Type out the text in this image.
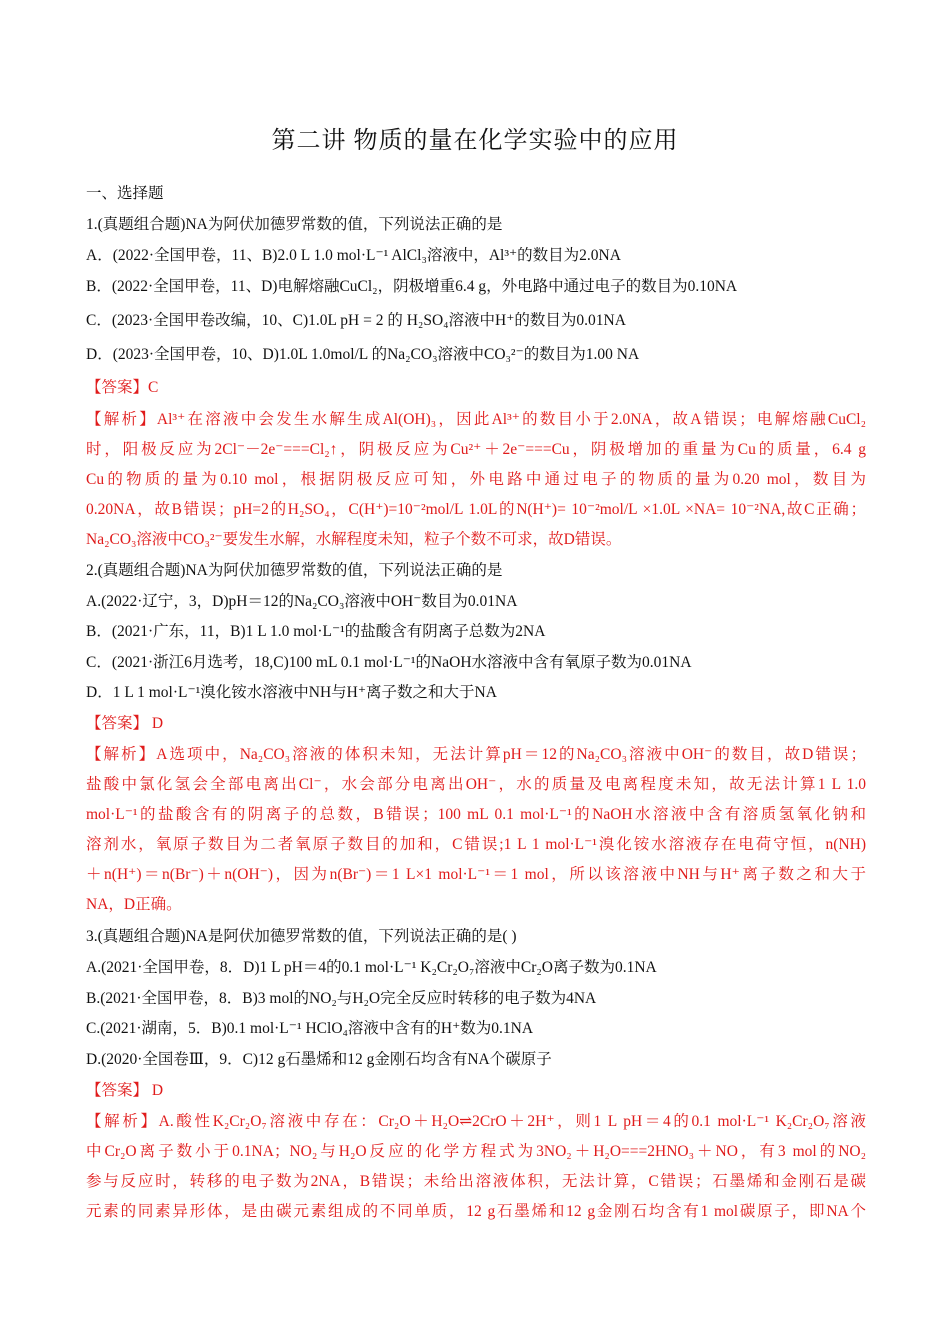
第二讲 物质的量在化学实验中的应用
一、选择题
1.(真题组合题)NA为阿伏加德罗常数的值，下列说法正确的是
A．(2022·全国甲卷，11、B)2.0 L 1.0 mol·L⁻¹ AlCl₃溶液中，Al³⁺的数目为2.0NA
B．(2022·全国甲卷，11、D)电解熔融CuCl₂，阴极增重6.4 g，外电路中通过电子的数目为0.10NA
C．(2023·全国甲卷改编，10、C)1.0L pH = 2 的 H₂SO₄溶液中H⁺的数目为0.01NA
D．(2023·全国甲卷，10、D)1.0L 1.0mol/L 的Na₂CO₃溶液中CO₃²⁻的数目为1.00 NA
【答案】C
【解析】Al³⁺在溶液中会发生水解生成Al(OH)₃，因此Al³⁺的数目小于2.0NA，故A错误；电解熔融CuCl₂
时，阳极反应为2Cl⁻－2e⁻===Cl₂↑，阴极反应为Cu²⁺＋2e⁻===Cu，阴极增加的重量为Cu的质量，6.4 g
Cu的物质的量为0.10 mol，根据阴极反应可知，外电路中通过电子的物质的量为0.20 mol，数目为
0.20NA，故B错误；pH=2的H₂SO₄，C(H⁺)=10⁻²mol/L 1.0L的N(H⁺)= 10⁻²mol/L ×1.0L ×NA= 10⁻²NA,故C正确；
Na₂CO₃溶液中CO₃²⁻要发生水解，水解程度未知，粒子个数不可求，故D错误。
2.(真题组合题)NA为阿伏加德罗常数的值，下列说法正确的是
A.(2022·辽宁，3，D)pH＝12的Na₂CO₃溶液中OH⁻数目为0.01NA
B．(2021·广东，11，B)1 L 1.0 mol·L⁻¹的盐酸含有阴离子总数为2NA
C．(2021·浙江6月选考，18,C)100 mL 0.1 mol·L⁻¹的NaOH水溶液中含有氧原子数为0.01NA
D．1 L 1 mol·L⁻¹溴化铵水溶液中NH与H⁺离子数之和大于NA
【答案】 D
【解析】A选项中，Na₂CO₃溶液的体积未知，无法计算pH＝12的Na₂CO₃溶液中OH⁻的数目，故D错误；
盐酸中氯化氢会全部电离出Cl⁻，水会部分电离出OH⁻，水的质量及电离程度未知，故无法计算1 L 1.0
mol·L⁻¹的盐酸含有的阴离子的总数，B错误；100 mL 0.1 mol·L⁻¹的NaOH水溶液中含有溶质氢氧化钠和
溶剂水，氧原子数目为二者氧原子数目的加和，C错误;1 L 1 mol·L⁻¹溴化铵水溶液存在电荷守恒，n(NH)
＋n(H⁺)＝n(Br⁻)＋n(OH⁻)，因为n(Br⁻)＝1 L×1 mol·L⁻¹＝1 mol，所以该溶液中NH与H⁺离子数之和大于
NA，D正确。
3.(真题组合题)NA是阿伏加德罗常数的值，下列说法正确的是( )
A.(2021·全国甲卷，8．D)1 L pH＝4的0.1 mol·L⁻¹ K₂Cr₂O₇溶液中Cr₂O离子数为0.1NA
B.(2021·全国甲卷，8．B)3 mol的NO₂与H₂O完全反应时转移的电子数为4NA
C.(2021·湖南，5．B)0.1 mol·L⁻¹ HClO₄溶液中含有的H⁺数为0.1NA
D.(2020·全国卷Ⅲ，9．C)12 g石墨烯和12 g金刚石均含有NA个碳原子
【答案】 D
【解析】A.酸性K₂Cr₂O₇溶液中存在：Cr₂O＋H₂O⇌2CrO＋2H⁺，则1 L pH＝4的0.1 mol·L⁻¹ K₂Cr₂O₇溶液
中Cr₂O离子数小于0.1NA；NO₂与H₂O反应的化学方程式为3NO₂＋H₂O===2HNO₃＋NO，有3 mol的NO₂
参与反应时，转移的电子数为2NA，B错误；未给出溶液体积，无法计算，C错误；石墨烯和金刚石是碳
元素的同素异形体，是由碳元素组成的不同单质，12 g石墨烯和12 g金刚石均含有1 mol碳原子，即NA个
